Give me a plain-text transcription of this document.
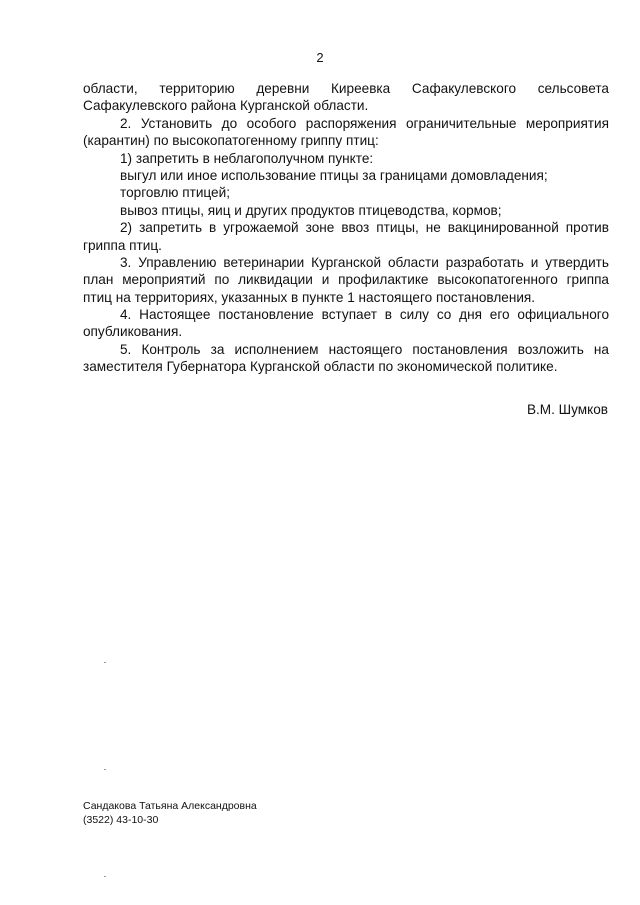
2
области, территорию деревни Киреевка Сафакулевского сельсовета
Сафакулевского района Курганской области.
2. Установить до особого распоряжения ограничительные мероприятия
(карантин) по высокопатогенному гриппу птиц:
1) запретить в неблагополучном пункте:
выгул или иное использование птицы за границами домовладения;
торговлю птицей;
вывоз птицы, яиц и других продуктов птицеводства, кормов;
2) запретить в угрожаемой зоне ввоз птицы, не вакцинированной против
гриппа птиц.
3. Управлению ветеринарии Курганской области разработать и утвердить
план мероприятий по ликвидации и профилактике высокопатогенного гриппа
птиц на территориях, указанных в пункте 1 настоящего постановления.
4. Настоящее постановление вступает в силу со дня его официального
опубликования.
5. Контроль за исполнением настоящего постановления возложить на
заместителя Губернатора Курганской области по экономической политике.
В.М. Шумков
Сандакова Татьяна Александровна
(3522) 43-10-30
